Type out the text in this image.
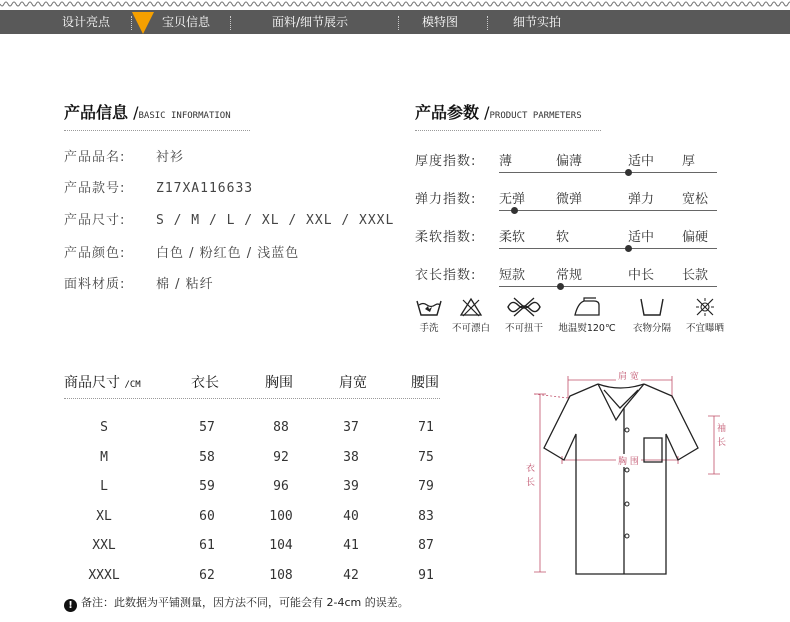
设计亮点	宝贝信息	面料/细节展示	模特图	细节实拍
产品信息 /BASIC INFORMATION
产品品名: 衬衫
产品款号: Z17XA116633
产品尺寸: S / M / L / XL / XXL / XXXL
产品颜色: 白色 / 粉红色 / 浅蓝色
面料材质: 棉 / 粘纤
产品参数 /PRODUCT PARMETERS
厚度指数: 薄	偏薄	适中 厚
弹力指数: 无弹 微弹	弹力 宽松
柔软指数: 柔软 软	适中 偏硬
衣长指数: 短款 常规	中长 长款
手洗	不可漂白	不可扭干	地温熨120℃	衣物分隔	不宜曝晒
商品尺寸 /CM	衣长	胸围	肩宽	腰围
S	57	88	37	71
M	58	92	38	75
L	59	96	39	79
XL	60	100	40	83
XXL	61	104	41	87
XXXL	62	108	42	91
肩 宽
胸 围
衣长
袖长
! 备注：此数据为平铺测量，因方法不同，可能会有 2-4cm 的误差。
